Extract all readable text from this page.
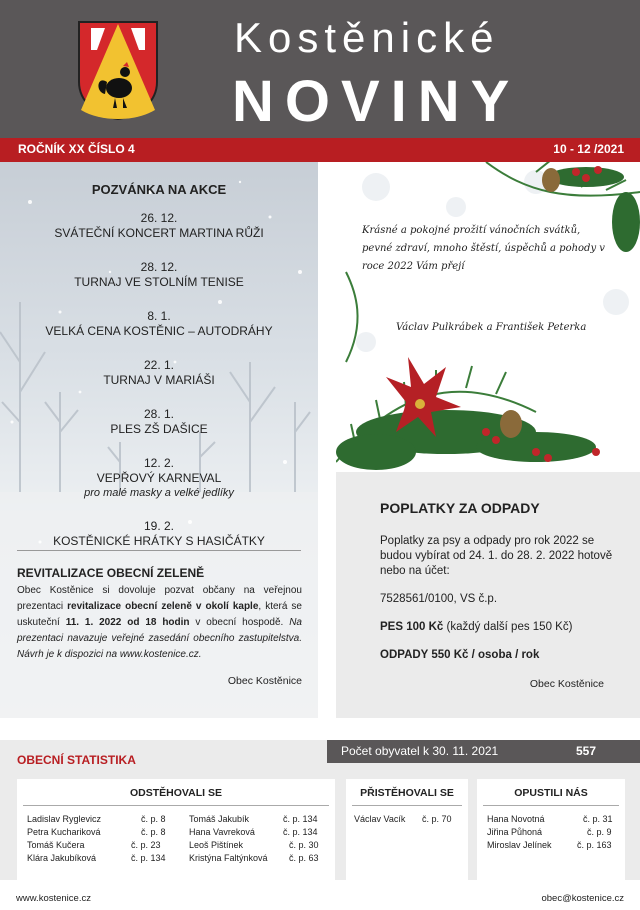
Kostěnické
NOVINY
ROČNÍK XX ČÍSLO 4	10 - 12 /2021
POZVÁNKA NA AKCE
26. 12.
SVÁTEČNÍ KONCERT MARTINA RŮŽI
28. 12.
TURNAJ VE STOLNÍM TENISE
8. 1.
VELKÁ CENA KOSTĚNIC – AUTODRÁHY
22. 1.
TURNAJ V MARIÁŠI
28. 1.
PLES ZŠ DAŠICE
12. 2.
VEPŘOVÝ KARNEVAL
pro malé masky a velké jedlíky
19. 2.
KOSTĚNICKÉ HRÁTKY S HASIČÁTKY
REVITALIZACE OBECNÍ ZELENĚ

Obec Kostěnice si dovoluje pozvat občany na veřejnou prezentaci revitalizace obecní zeleně v okolí kaple, která se uskuteční 11. 1. 2022 od 18 hodin v obecní hospodě. Na prezentaci navazuje veřejné zasedání obecního zastupitelstva. Návrh je k dispozici na www.kostenice.cz.

Obec Kostěnice
Krásné a pokojné prožití vánočních svátků, pevné zdraví, mnoho štěstí, úspěchů a pohody v roce 2022 Vám přejí
Václav Pulkrábek a František Peterka
POPLATKY ZA ODPADY
Poplatky za psy a odpady pro rok 2022 se budou vybírat od 24. 1. do 28. 2. 2022 hotově nebo na účet:
7528561/0100, VS č.p.
PES 100 Kč (každý další pes 150 Kč)
ODPADY 550 Kč / osoba / rok
Obec Kostěnice
OBECNÍ STATISTIKA
Počet obyvatel k 30. 11. 2021	557
ODSTĚHOVALI SE
Ladislav Ryglevicz	č. p. 8
Petra Kuchariková	č. p. 8
Tomáš Kučera	č. p. 23
Klára Jakubíková	č. p. 134
Tomáš Jakubík	č. p. 134
Hana Vavreková	č. p. 134
Leoš Pištínek	č. p. 30
Kristýna Faltýnková č. p. 63
PŘISTĚHOVALI SE
Václav Vacík č. p. 70
OPUSTILI NÁS
Hana Novotná	č. p. 31
Jiřina Půhoná	č. p. 9
Miroslav Jelínek	č. p. 163
www.kostenice.cz	obec@kostenice.cz
